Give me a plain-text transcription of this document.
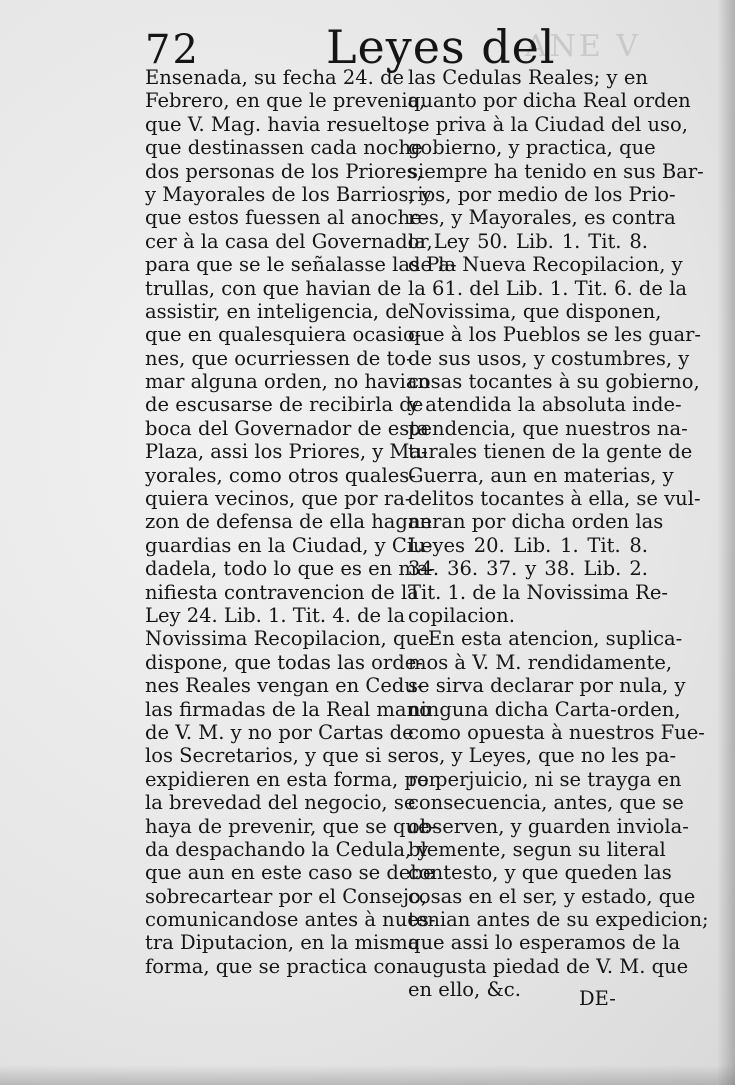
ANE V
72	Leyes del
Ensenada, su fecha 24. de
Febrero, en que le prevenia,
que V. Mag. havia resuelto,
que destinassen cada noche
dos personas de los Priores,
y Mayorales de los Barrios, y
que estos fuessen al anoche-
cer à la casa del Governador,
para que se le señalasse las Pa-
trullas, con que havian de
assistir, en inteligencia, de
que en qualesquiera ocasio-
nes, que ocurriessen de to-
mar alguna orden, no havian
de escusarse de recibirla de
boca del Governador de esta
Plaza, assi los Priores, y Ma-
yorales, como otros quales-
quiera vecinos, que por ra-
zon de defensa de ella hagan
guardias en la Ciudad, y Ciu-
dadela, todo lo que es en ma-
nifiesta contravencion de la
Ley 24. Lib. 1. Tit. 4. de la
Novissima Recopilacion, que
dispone, que todas las orde-
nes Reales vengan en Cedu-
las firmadas de la Real mano
de V. M. y no por Cartas de
los Secretarios, y que si se
expidieren en esta forma, por
la brevedad del negocio, se
haya de prevenir, que se que-
da despachando la Cedula, y
que aun en este caso se debe
sobrecartear por el Consejo,
comunicandose antes à nues-
tra Diputacion, en la misma
forma, que se practica con
las Cedulas Reales; y en
quanto por dicha Real orden
se priva à la Ciudad del uso,
gobierno, y practica, que
siempre ha tenido en sus Bar-
rios, por medio de los Prio-
res, y Mayorales, es contra
la Ley 50. Lib. 1. Tit. 8.
de la Nueva Recopilacion, y
la 61. del Lib. 1. Tit. 6. de la
Novissima, que disponen,
que à los Pueblos se les guar-
de sus usos, y costumbres, y
cosas tocantes à su gobierno,
y atendida la absoluta inde-
pendencia, que nuestros na-
turales tienen de la gente de
Guerra, aun en materias, y
delitos tocantes à ella, se vul-
neran por dicha orden las
Leyes 20. Lib. 1. Tit. 8.
34. 36. 37. y 38. Lib. 2.
Tit. 1. de la Novissima Re-
copilacion.
En esta atencion, suplica-
mos à V. M. rendidamente,
se sirva declarar por nula, y
ninguna dicha Carta-orden,
como opuesta à nuestros Fue-
ros, y Leyes, que no les pa-
re perjuicio, ni se trayga en
consecuencia, antes, que se
observen, y guarden inviola-
blemente, segun su literal
contesto, y que queden las
cosas en el ser, y estado, que
tenian antes de su expedicion;
que assi lo esperamos de la
augusta piedad de V. M. que
en ello, &c.	DE-
